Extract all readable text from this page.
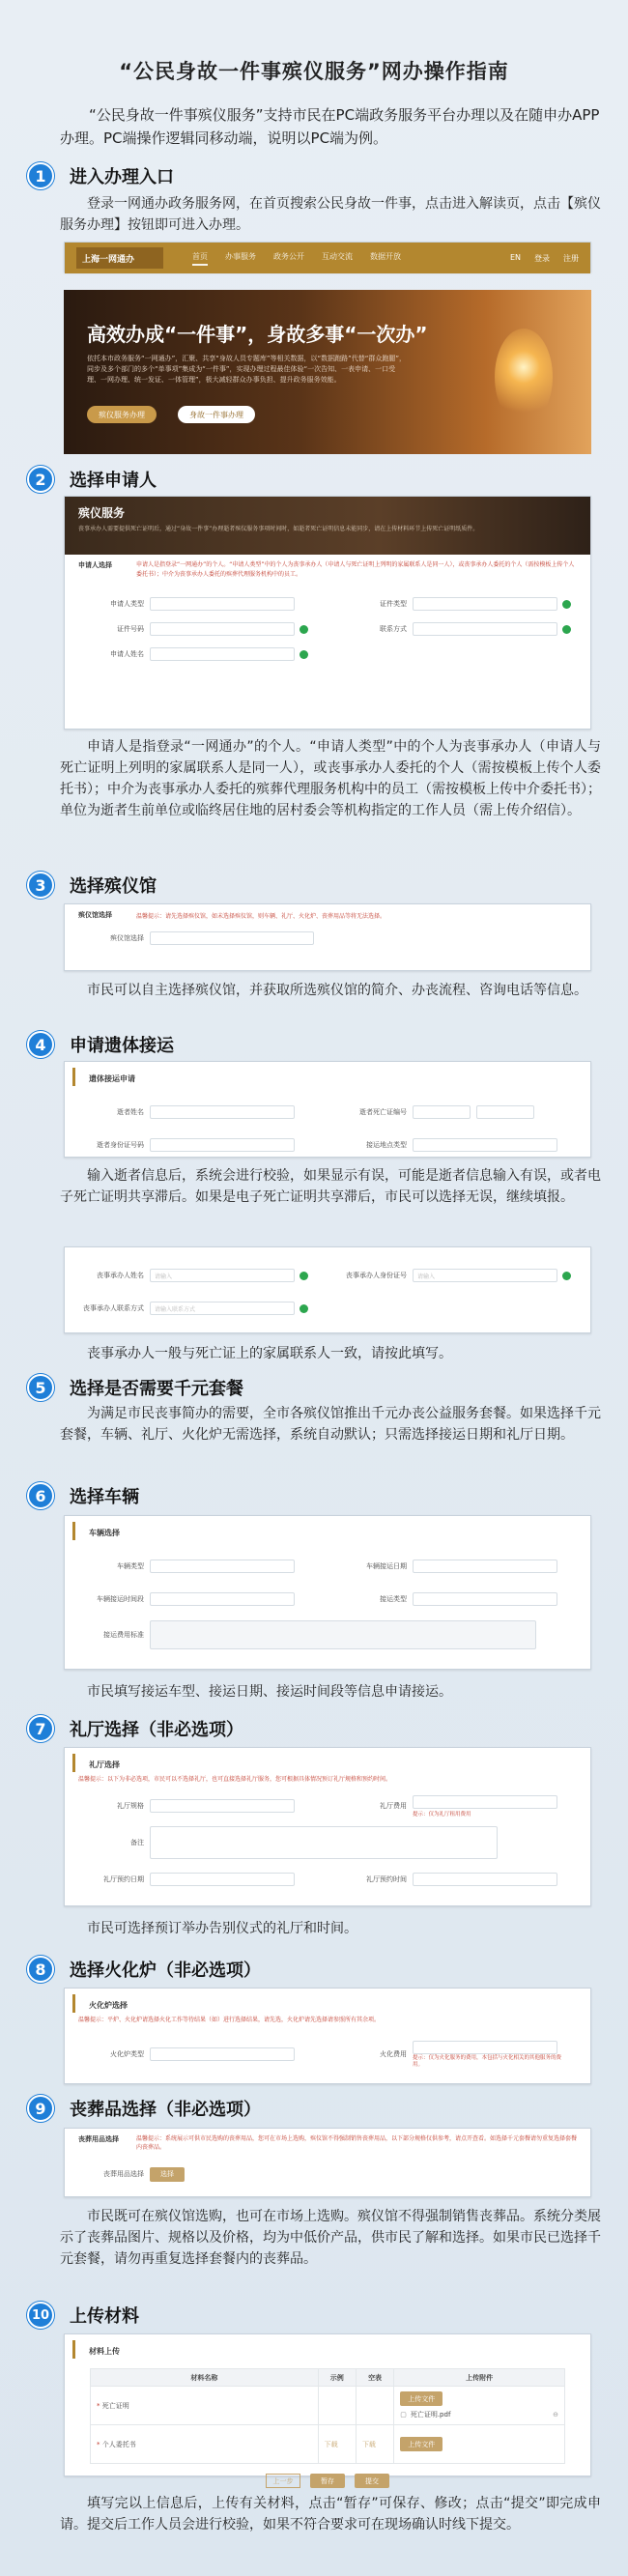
“公民身故一件事殡仪服务”网办操作指南
“公民身故一件事殡仪服务”支持市民在PC端政务服务平台办理以及在随申办APP办理。PC端操作逻辑同移动端，说明以PC端为例。
1	进入办理入口
登录一网通办政务服务网，在首页搜索公民身故一件事，点击进入解读页，点击【殡仪服务办理】按钮即可进入办理。
上海一网通办	首页 办事服务 政务公开 互动交流 数据开放	EN 登录 注册
高效办成“一件事”，身故多事“一次办”
依托本市政务服务“一网通办”，汇聚、共享“身故人员专题库”等相关数据，以“数据跑路”代替“群众跑腿”，同步及多个部门的多个“单事项”集成为“一件事”，实现办理过程最佳体验“一次告知、一表申请、一口受理、一网办理、统一发证、一体管理”，极大减轻群众办事负担、提升政务服务效能。
殡仪服务办理	身故一件事办理
2	选择申请人
殡仪服务
丧事承办人需要提供死亡证明后，通过“身故一件事”办理逝者殡仪服务事项时间时，如逝者死亡证明信息未能同步，请在上传材料环节上传死亡证明纸质件。
申请人选择	申请人是指登录“一网通办”的个人。“申请人类型”中的个人为丧事承办人（申请人与死亡证明上列明的家属联系人是同一人），或丧事承办人委托的个人（需按模板上传个人委托书）；中介为丧事承办人委托的殡葬代理服务机构中的员工。
申请人类型	证件类型
证件号码	联系方式
申请人姓名
申请人是指登录“一网通办”的个人。“申请人类型”中的个人为丧事承办人（申请人与死亡证明上列明的家属联系人是同一人），或丧事承办人委托的个人（需按模板上传个人委托书）；中介为丧事承办人委托的殡葬代理服务机构中的员工（需按模板上传中介委托书）；单位为逝者生前单位或临终居住地的居村委会等机构指定的工作人员（需上传介绍信）。
3	选择殡仪馆
殡仪馆选择	温馨提示：请先选择殡仪馆，如未选择殡仪馆，则车辆、礼厅、火化炉、丧葬用品等将无法选择。
殡仪馆选择
市民可以自主选择殡仪馆，并获取所选殡仪馆的简介、办丧流程、咨询电话等信息。
4	申请遗体接运
遗体接运申请
逝者姓名	逝者死亡证编号
逝者身份证号码	接运地点类型
输入逝者信息后，系统会进行校验，如果显示有误，可能是逝者信息输入有误，或者电子死亡证明共享滞后。如果是电子死亡证明共享滞后，市民可以选择无误，继续填报。
丧事承办人姓名	请输入	丧事承办人身份证号	请输入
丧事承办人联系方式	请输入联系方式
丧事承办人一般与死亡证上的家属联系人一致，请按此填写。
5	选择是否需要千元套餐
为满足市民丧事简办的需要，全市各殡仪馆推出千元办丧公益服务套餐。如果选择千元套餐，车辆、礼厅、火化炉无需选择，系统自动默认；只需选择接运日期和礼厅日期。
6	选择车辆
车辆选择
车辆类型	车辆接运日期
车辆接运时间段	接运类型
接运费用标准
市民填写接运车型、接运日期、接运时间段等信息申请接运。
7	礼厅选择（非必选项）
礼厅选择
温馨提示：以下为非必选项，市民可以不选择礼厅，也可直接选择礼厅服务，您可根据具体情况预订礼厅规格和预约时间。
礼厅规格	礼厅费用
提示：仅为礼厅租用费用
备注
礼厅预约日期	礼厅预约时间
市民可选择预订举办告别仪式的礼厅和时间。
8	选择火化炉（非必选项）
火化炉选择
温馨提示：平炉、火化炉请选择火化工作等待结果（如）进行选择结果，请先选，火化炉请先选择请参照所有其余项。
火化炉类型	火化费用	提示：仅为火化服务的费用，本包括与火化相关的其他服务的费用。
9	丧葬品选择（非必选项）
丧葬用品选择	温馨提示：系统展示可供市民选购的丧葬用品，您可在市场上选购，殡仪馆不得强制销售丧葬用品，以下部分规格仅供参考，请点开查看。如选择千元套餐请勿重复选择套餐内丧葬品。
丧葬用品选择	选择
市民既可在殡仪馆选购，也可在市场上选购。殡仪馆不得强制销售丧葬品。系统分类展示了丧葬品图片、规格以及价格，均为中低价产品，供市民了解和选择。如果市民已选择千元套餐，请勿再重复选择套餐内的丧葬品。
10 上传材料
材料上传
材料名称	示例	空表	上传附件
* 死亡证明			上传文件
▢ 死亡证明.pdf ⊖

* 个人委托书	下载	下载	上传文件
上一步	暂存	提交
填写完以上信息后，上传有关材料，点击“暂存”可保存、修改；点击“提交”即完成申请。提交后工作人员会进行校验，如果不符合要求可在现场确认时线下提交。
